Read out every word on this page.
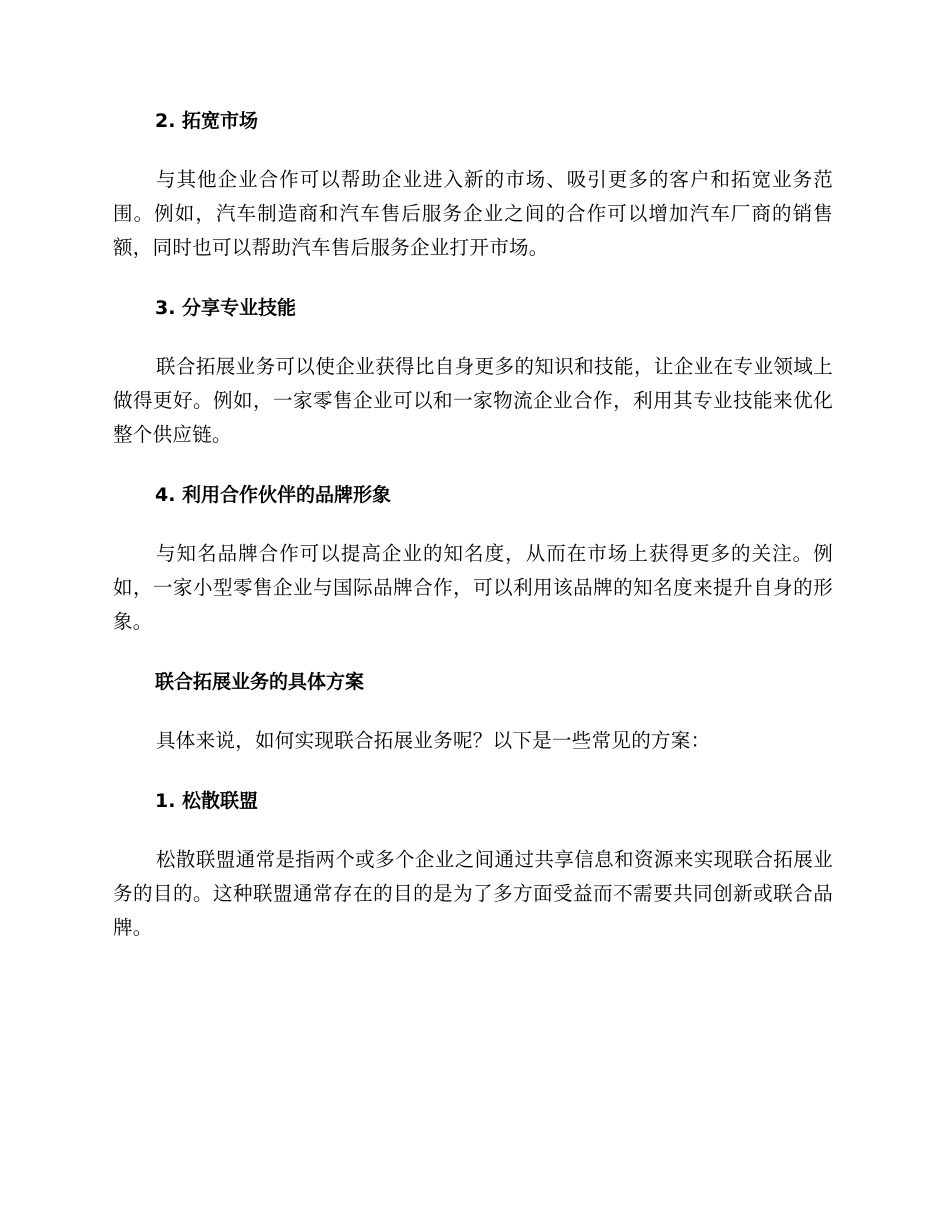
2. 拓宽市场

与其他企业合作可以帮助企业进入新的市场、吸引更多的客户和拓宽业务范围。例如，汽车制造商和汽车售后服务企业之间的合作可以增加汽车厂商的销售额，同时也可以帮助汽车售后服务企业打开市场。

3. 分享专业技能

联合拓展业务可以使企业获得比自身更多的知识和技能，让企业在专业领域上做得更好。例如，一家零售企业可以和一家物流企业合作，利用其专业技能来优化整个供应链。

4. 利用合作伙伴的品牌形象

与知名品牌合作可以提高企业的知名度，从而在市场上获得更多的关注。例如，一家小型零售企业与国际品牌合作，可以利用该品牌的知名度来提升自身的形象。

联合拓展业务的具体方案

具体来说，如何实现联合拓展业务呢？以下是一些常见的方案：

1. 松散联盟

松散联盟通常是指两个或多个企业之间通过共享信息和资源来实现联合拓展业务的目的。这种联盟通常存在的目的是为了多方面受益而不需要共同创新或联合品牌。
